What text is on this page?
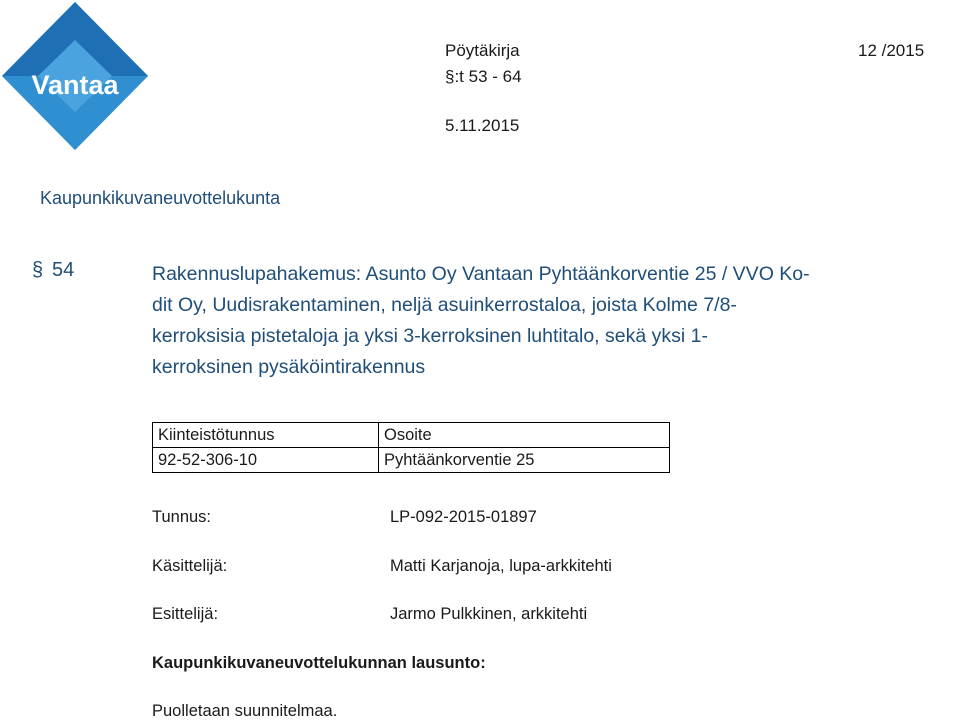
Vantaa
Pöytäkirja	12 /2015
§:t 53 - 64
5.11.2015
Kaupunkikuvaneuvottelukunta
§ 54	Rakennuslupahakemus: Asunto Oy Vantaan Pyhtäänkorventie 25 / VVO Ko-
dit Oy, Uudisrakentaminen, neljä asuinkerrostaloa, joista Kolme 7/8-
kerroksisia pistetaloja ja yksi 3-kerroksinen luhtitalo, sekä yksi 1-
kerroksinen pysäköintirakennus
Kiinteistötunnus	Osoite
92-52-306-10	Pyhtäänkorventie 25
Tunnus:	LP-092-2015-01897
Käsittelijä:	Matti Karjanoja, lupa-arkkitehti
Esittelijä:	Jarmo Pulkkinen, arkkitehti
Kaupunkikuvaneuvottelukunnan lausunto:
Puolletaan suunnitelmaa.
